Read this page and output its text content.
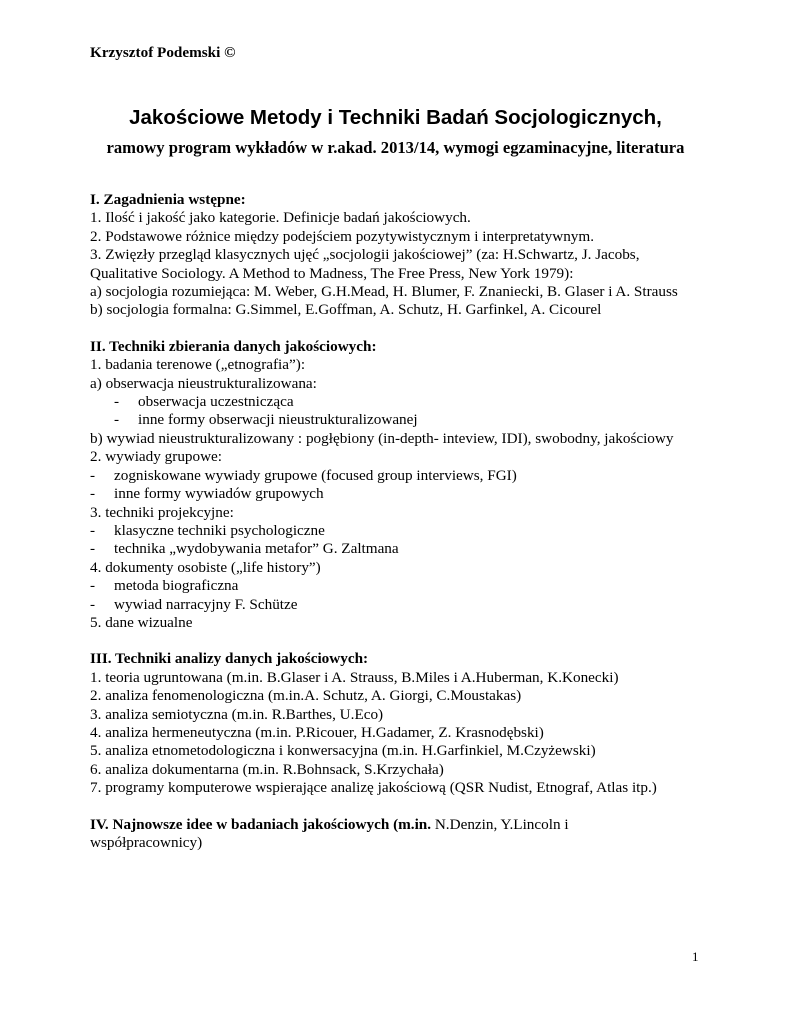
Krzysztof Podemski ©
Jakościowe Metody i Techniki Badań Socjologicznych,
ramowy program wykładów w r.akad. 2013/14, wymogi egzaminacyjne, literatura
I. Zagadnienia wstępne:
1. Ilość i jakość jako kategorie. Definicje badań jakościowych.
2. Podstawowe różnice między podejściem pozytywistycznym i interpretatywnym.
3. Zwięzły przegląd klasycznych ujęć „socjologii jakościowej” (za: H.Schwartz, J. Jacobs,
Qualitative Sociology. A Method to Madness, The Free Press, New York 1979):
a) socjologia rozumiejąca: M. Weber, G.H.Mead, H. Blumer, F. Znaniecki, B. Glaser i A. Strauss
b) socjologia formalna: G.Simmel, E.Goffman, A. Schutz, H. Garfinkel, A. Cicourel
II. Techniki zbierania danych jakościowych:
1. badania terenowe („etnografia”):
a) obserwacja nieustrukturalizowana:
- obserwacja uczestnicząca
- inne formy obserwacji nieustrukturalizowanej
b) wywiad nieustrukturalizowany : pogłębiony (in-depth- inteview, IDI), swobodny, jakościowy
2. wywiady grupowe:
- zogniskowane wywiady grupowe (focused group interviews, FGI)
- inne formy wywiadów grupowych
3. techniki projekcyjne:
- klasyczne techniki psychologiczne
- technika „wydobywania metafor” G. Zaltmana
4. dokumenty osobiste („life history”)
- metoda biograficzna
- wywiad narracyjny F. Schütze
5. dane wizualne
III. Techniki analizy danych jakościowych:
1. teoria ugruntowana (m.in. B.Glaser i A. Strauss, B.Miles i A.Huberman, K.Konecki)
2. analiza fenomenologiczna (m.in.A. Schutz, A. Giorgi, C.Moustakas)
3. analiza semiotyczna (m.in. R.Barthes, U.Eco)
4. analiza hermeneutyczna (m.in. P.Ricouer, H.Gadamer, Z. Krasnodębski)
5. analiza etnometodologiczna i konwersacyjna (m.in. H.Garfinkiel, M.Czyżewski)
6. analiza dokumentarna (m.in. R.Bohnsack, S.Krzychała)
7. programy komputerowe wspierające analizę jakościową (QSR Nudist, Etnograf, Atlas itp.)
IV. Najnowsze idee w badaniach jakościowych (m.in. N.Denzin, Y.Lincoln i współpracownicy)
1
